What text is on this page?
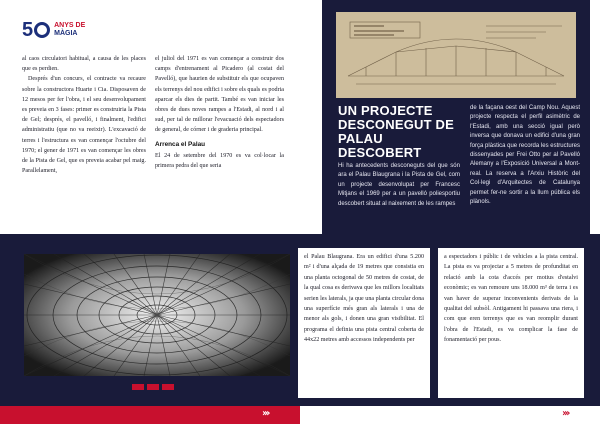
5	ANYS DE
MÀGIA

al caos circulatori habitual, a causa de les places que es perdien.

Després d'un concurs, el contracte va recaure sobre la constructora Huarte i Cia. Disposaven de 12 mesos per fer l'obra, i el seu desenvolupament es preveia en 3 fases: primer es construiria la Pista de Gel; després, el pavelló, i finalment, l'edifici administratiu (que no va reeixir). L'excavació de terres i l'estructura es van començar l'octubre del 1970; el gener de 1971 es van començar les obres de la Pista de Gel, que es preveia acabar pel maig. Parallelament,

el juliol del 1971 es van començar a construir dos camps d'entrenament al Picadero (al costat del Pavelló), que haurien de substituir els que ocupaven els terrenys del nou edifici i sobre els quals es podria aparcar els dies de partit. També es van iniciar les obres de dues noves rampes a l'Estadi, al nord i al sud, per tal de millorar l'evacuació dels espectadors de general, de córner i de graderia principal.

Arrenca el Palau

El 24 de setembre del 1970 es va col·locar la primera pedra del que seria

el Palau Blaugrana. Era un edifici d'una 5.200 m² i d'una alçada de 19 metres que consistia en una planta octogonal de 50 metres de costat, de la qual cosa es derivava que les millors localitats serien les laterals, ja que una planta circular dona una superfície més gran als laterals i una de menor als gols, i donen una gran visibilitat. El programa el definia una pista central coberta de 44x22 metres amb accessos independents per
a espectadors i públic i de vehicles a la pista central. La pista es va projectar a 5 metres de profunditat en relació amb la cota d'accés per motius d'estalvi econòmic; es van remoure uns 18.000 m³ de terra i es van haver de superar inconvenients derivats de la qualitat del subsòl. Antigament hi passava una riera, i com que eren terrenys que es van reomplir durant l'obra de l'Estadi, es va complicar la fase de fonamentació per pous.
UN PROJECTE DESCONEGUT DE PALAU DESCOBERT
Hi ha antecedents desconeguts del que són ara el Palau Blaugrana i la Pista de Gel, com un projecte desenvolupat per Francesc Mitjans el 1969 per a un pavelló poliesportiu descobert situat al naixement de les rampes
de la façana oest del Camp Nou. Aquest projecte respecta el perfil asimètric de l'Estadi, amb una secció igual però inversa que donava un edifici d'una gran força plàstica que recorda les estructures dissenyades per Frei Otto per al Pavelló Alemany a l'Exposició Universal a Mont-real. La reserva a l'Arxiu Històric del Col·legi d'Arquitectes de Catalunya permet fer-ne sortir a la llum pública els plànols.
›››	›››
